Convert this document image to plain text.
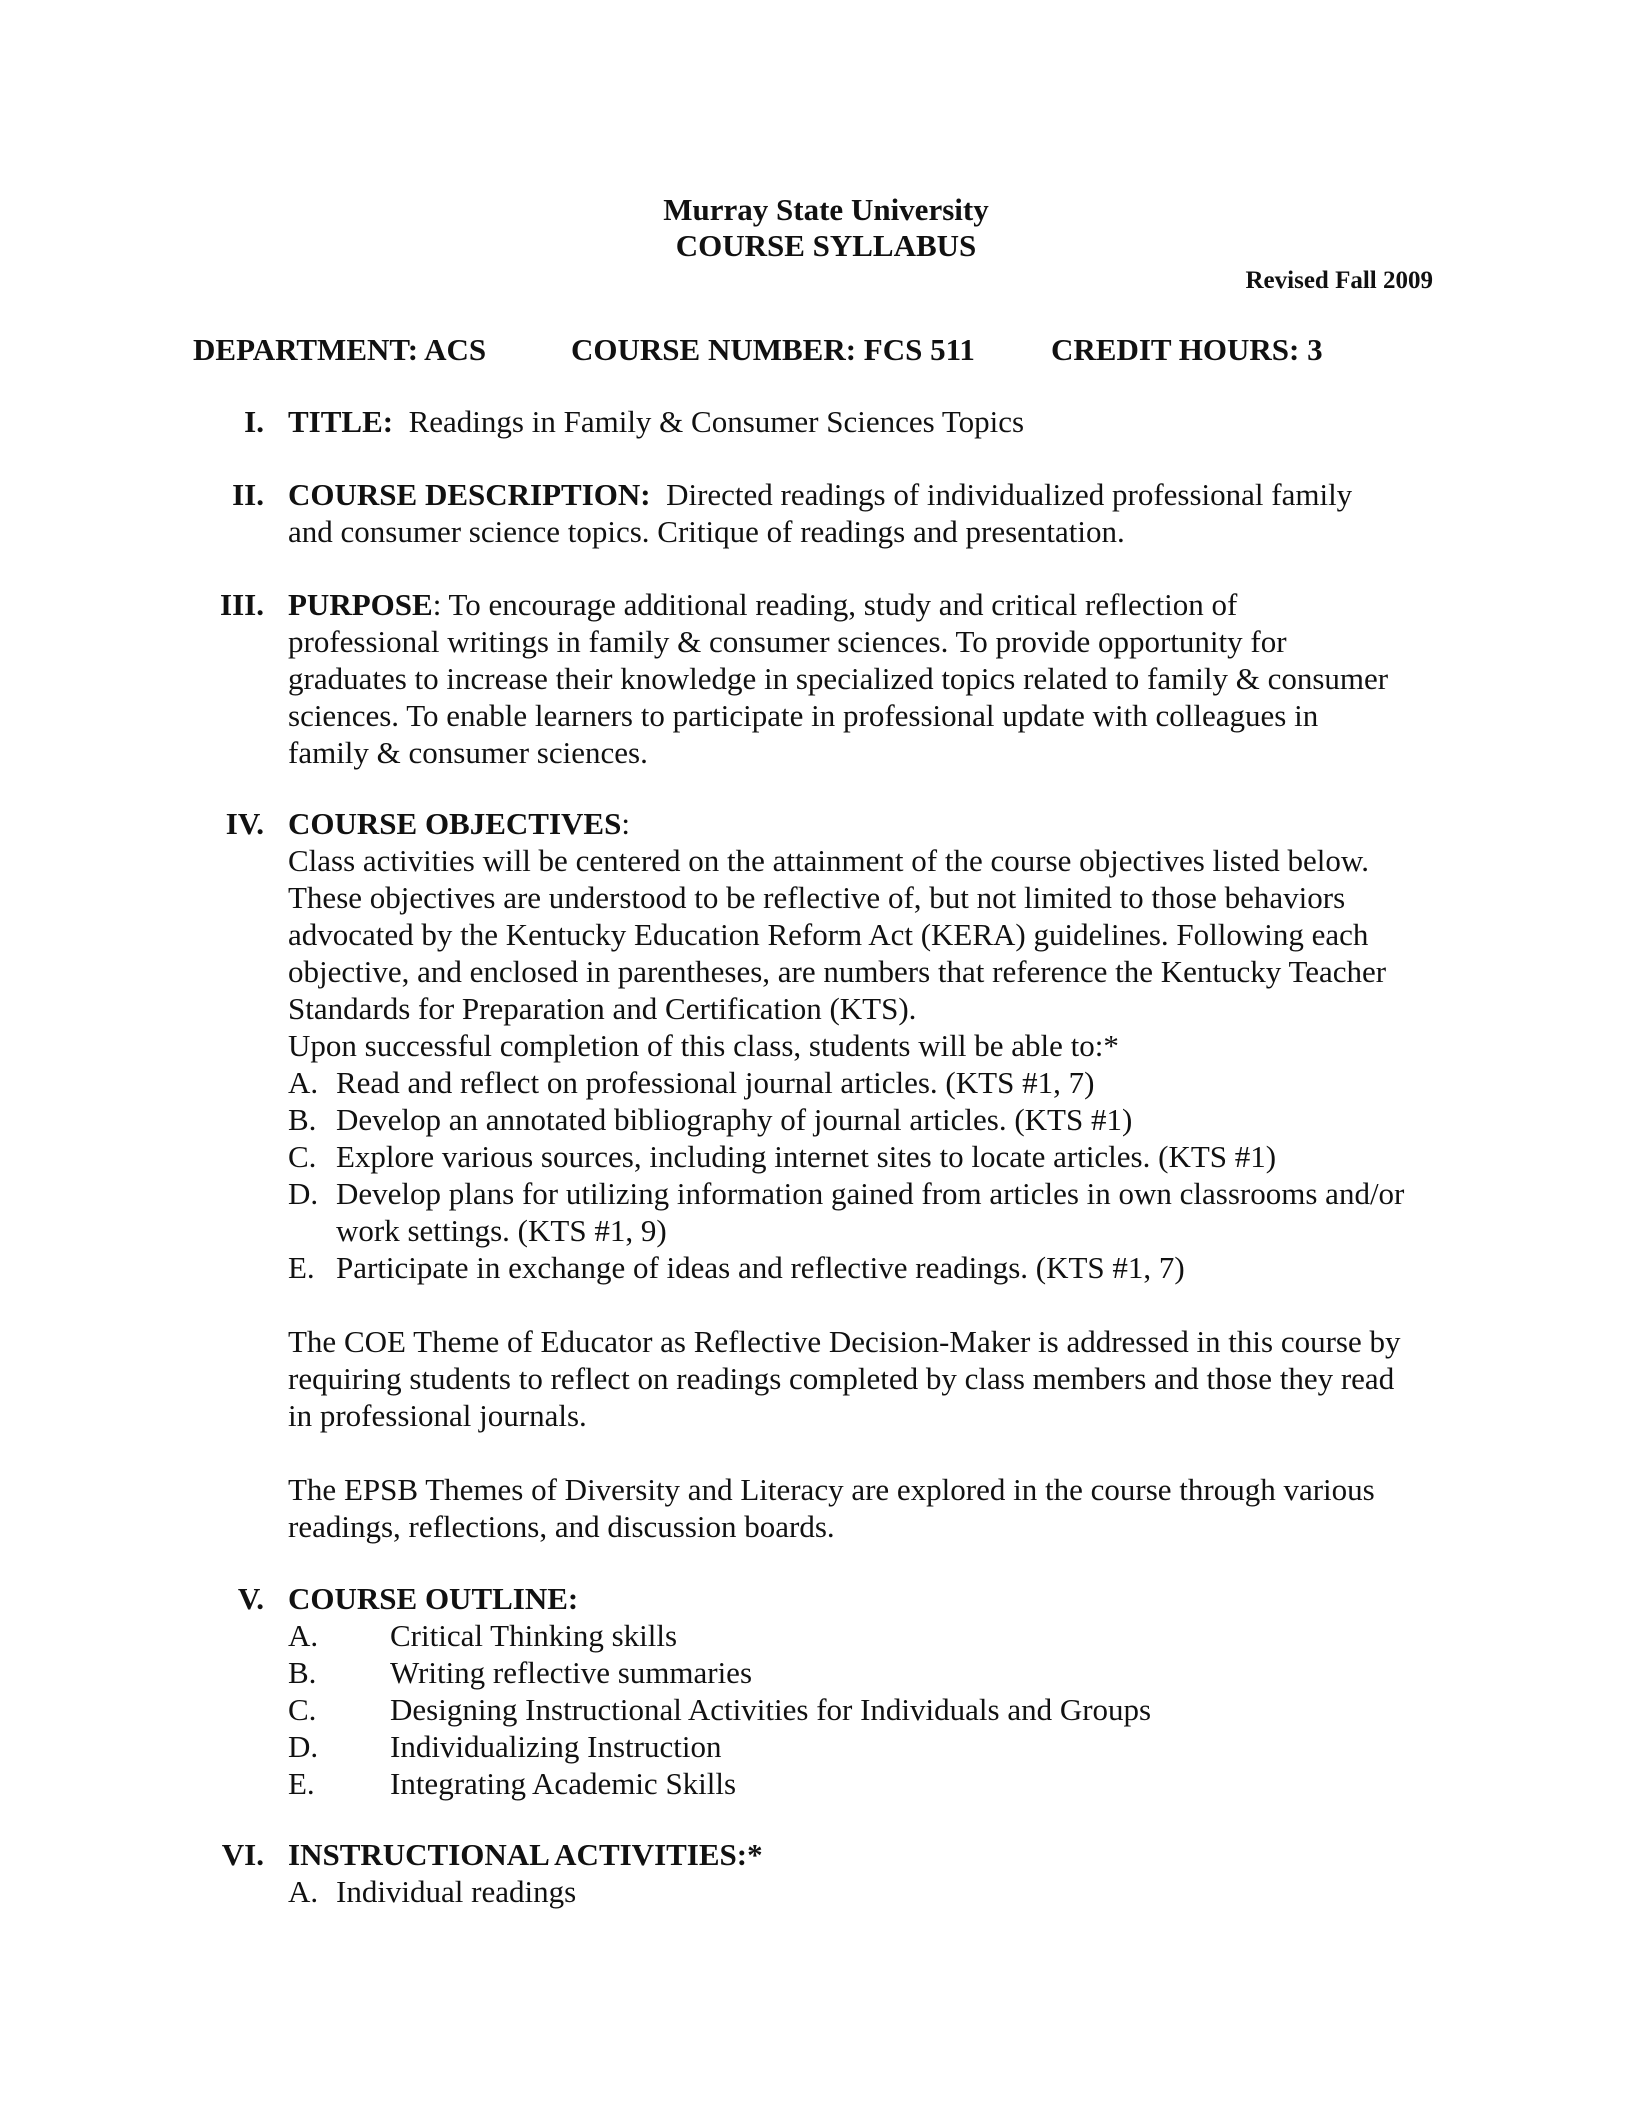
Murray State University
COURSE SYLLABUS
Revised Fall 2009
DEPARTMENT: ACS	COURSE NUMBER: FCS 511 CREDIT HOURS: 3
I. TITLE: Readings in Family & Consumer Sciences Topics
II. COURSE DESCRIPTION: Directed readings of individualized professional family
and consumer science topics. Critique of readings and presentation.
III. PURPOSE: To encourage additional reading, study and critical reflection of
professional writings in family & consumer sciences. To provide opportunity for
graduates to increase their knowledge in specialized topics related to family & consumer
sciences. To enable learners to participate in professional update with colleagues in
family & consumer sciences.
IV. COURSE OBJECTIVES:
Class activities will be centered on the attainment of the course objectives listed below.
These objectives are understood to be reflective of, but not limited to those behaviors
advocated by the Kentucky Education Reform Act (KERA) guidelines. Following each
objective, and enclosed in parentheses, are numbers that reference the Kentucky Teacher
Standards for Preparation and Certification (KTS).
Upon successful completion of this class, students will be able to:*
A. Read and reflect on professional journal articles. (KTS #1, 7)
B. Develop an annotated bibliography of journal articles. (KTS #1)
C. Explore various sources, including internet sites to locate articles. (KTS #1)
D. Develop plans for utilizing information gained from articles in own classrooms and/or
work settings. (KTS #1, 9)
E. Participate in exchange of ideas and reflective readings. (KTS #1, 7)
The COE Theme of Educator as Reflective Decision-Maker is addressed in this course by
requiring students to reflect on readings completed by class members and those they read
in professional journals.
The EPSB Themes of Diversity and Literacy are explored in the course through various
readings, reflections, and discussion boards.
V. COURSE OUTLINE:
A. Critical Thinking skills
B. Writing reflective summaries
C. Designing Instructional Activities for Individuals and Groups
D. Individualizing Instruction
E. Integrating Academic Skills
VI. INSTRUCTIONAL ACTIVITIES:*
A. Individual readings
